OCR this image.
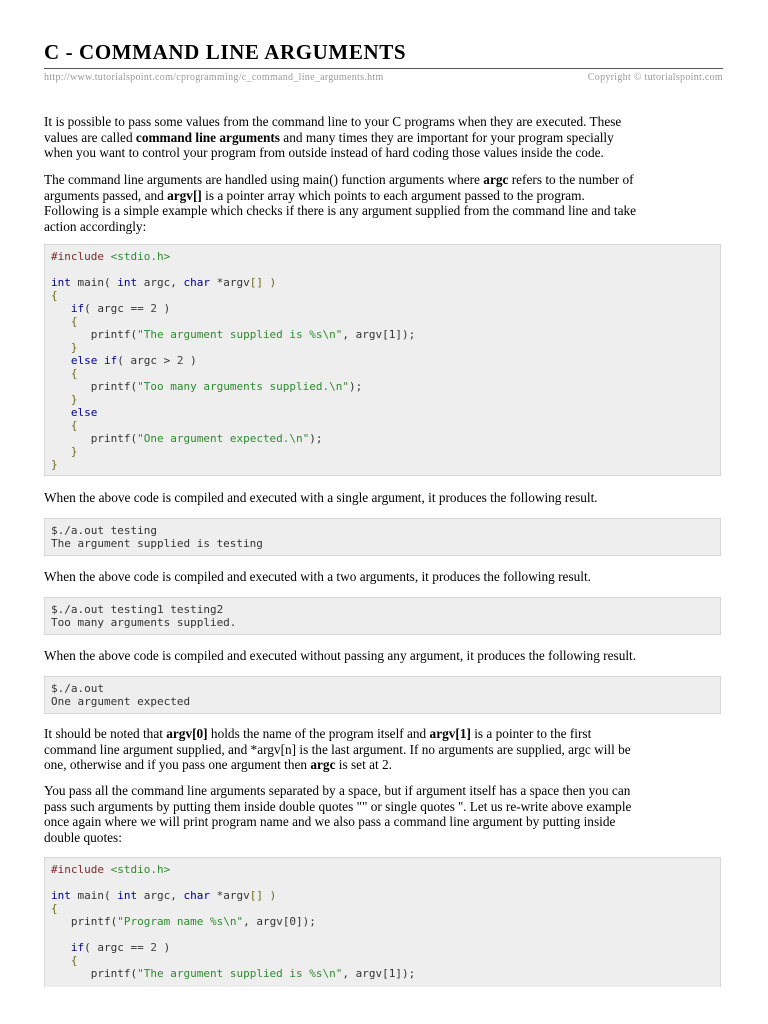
C - COMMAND LINE ARGUMENTS
http://www.tutorialspoint.com/cprogramming/c_command_line_arguments.htm	Copyright © tutorialspoint.com
It is possible to pass some values from the command line to your C programs when they are executed. These
values are called command line arguments and many times they are important for your program specially
when you want to control your program from outside instead of hard coding those values inside the code.
The command line arguments are handled using main() function arguments where argc refers to the number of
arguments passed, and argv[] is a pointer array which points to each argument passed to the program.
Following is a simple example which checks if there is any argument supplied from the command line and take
action accordingly:
#include <stdio.h>
int main( int argc, char *argv[] )
{
if( argc == 2 )
{
printf("The argument supplied is %s\n", argv[1]);
}
else if( argc > 2 )
{
printf("Too many arguments supplied.\n");
}
else
{
printf("One argument expected.\n");
}
}
When the above code is compiled and executed with a single argument, it produces the following result.
$./a.out testing
The argument supplied is testing
When the above code is compiled and executed with a two arguments, it produces the following result.
$./a.out testing1 testing2
Too many arguments supplied.
When the above code is compiled and executed without passing any argument, it produces the following result.
$./a.out
One argument expected
It should be noted that argv[0] holds the name of the program itself and argv[1] is a pointer to the first
command line argument supplied, and *argv[n] is the last argument. If no arguments are supplied, argc will be
one, otherwise and if you pass one argument then argc is set at 2.
You pass all the command line arguments separated by a space, but if argument itself has a space then you can
pass such arguments by putting them inside double quotes "" or single quotes ''. Let us re-write above example
once again where we will print program name and we also pass a command line argument by putting inside
double quotes:
#include <stdio.h>
int main( int argc, char *argv[] )
{
printf("Program name %s\n", argv[0]);
if( argc == 2 )
{
printf("The argument supplied is %s\n", argv[1]);
